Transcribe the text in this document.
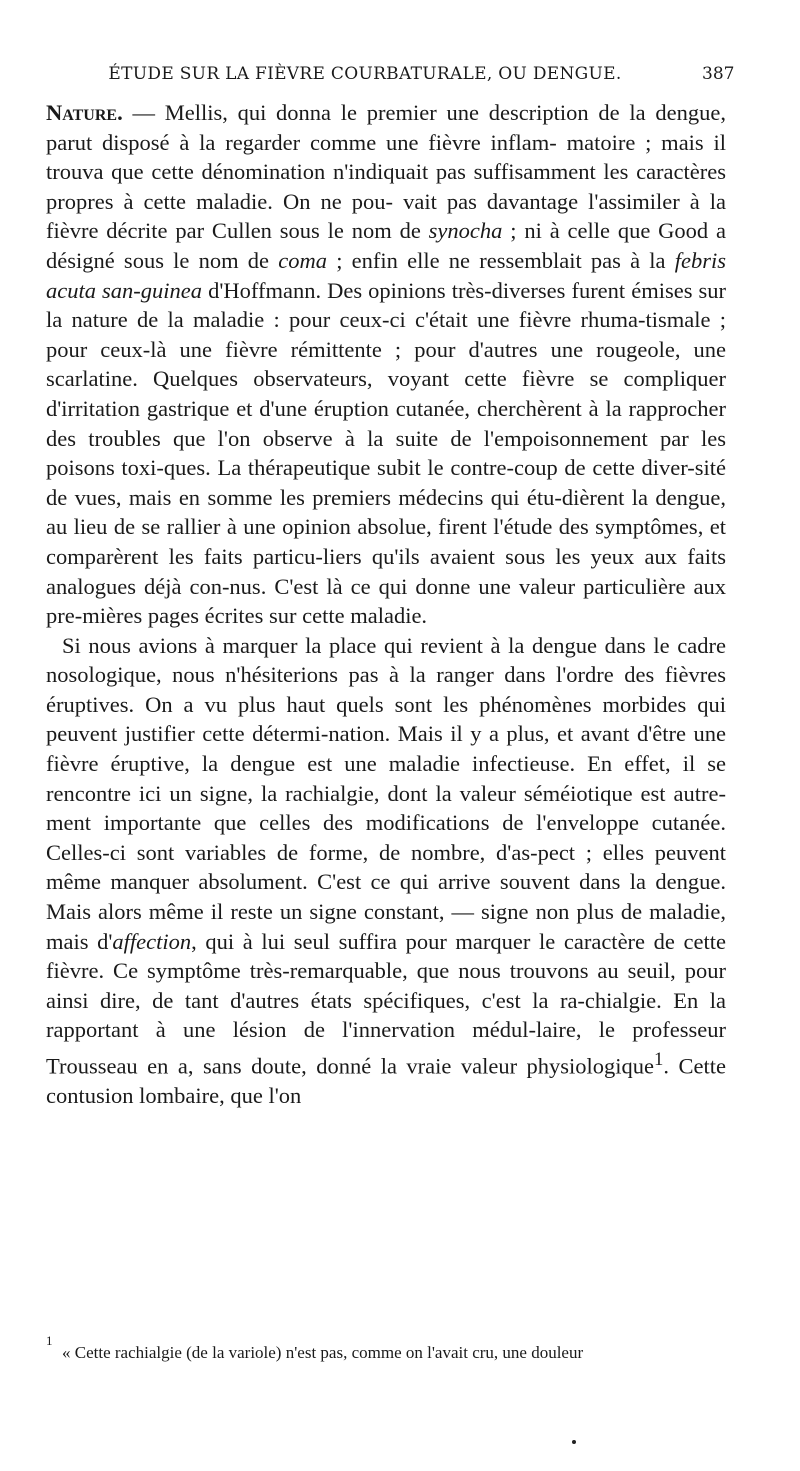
ÉTUDE SUR LA FIÈVRE COURBATURALE, OU DENGUE.	387

Nature. — Mellis, qui donna le premier une description de la dengue, parut disposé à la regarder comme une fièvre inflam- matoire ; mais il trouva que cette dénomination n'indiquait pas suffisamment les caractères propres à cette maladie. On ne pou- vait pas davantage l'assimiler à la fièvre décrite par Cullen sous le nom de synocha ; ni à celle que Good a désigné sous le nom de coma ; enfin elle ne ressemblait pas à la febris acuta san-guinea d'Hoffmann. Des opinions très-diverses furent émises sur la nature de la maladie : pour ceux-ci c'était une fièvre rhuma-tismale ; pour ceux-là une fièvre rémittente ; pour d'autres une rougeole, une scarlatine. Quelques observateurs, voyant cette fièvre se compliquer d'irritation gastrique et d'une éruption cutanée, cherchèrent à la rapprocher des troubles que l'on observe à la suite de l'empoisonnement par les poisons toxi-ques. La thérapeutique subit le contre-coup de cette diver-sité de vues, mais en somme les premiers médecins qui étu-dièrent la dengue, au lieu de se rallier à une opinion absolue, firent l'étude des symptômes, et comparèrent les faits particu-liers qu'ils avaient sous les yeux aux faits analogues déjà con-nus. C'est là ce qui donne une valeur particulière aux pre-mières pages écrites sur cette maladie.

Si nous avions à marquer la place qui revient à la dengue dans le cadre nosologique, nous n'hésiterions pas à la ranger dans l'ordre des fièvres éruptives. On a vu plus haut quels sont les phénomènes morbides qui peuvent justifier cette détermi-nation. Mais il y a plus, et avant d'être une fièvre éruptive, la dengue est une maladie infectieuse. En effet, il se rencontre ici un signe, la rachialgie, dont la valeur séméiotique est autre-ment importante que celles des modifications de l'enveloppe cutanée. Celles-ci sont variables de forme, de nombre, d'as-pect ; elles peuvent même manquer absolument. C'est ce qui arrive souvent dans la dengue. Mais alors même il reste un signe constant, — signe non plus de maladie, mais d'affection, qui à lui seul suffira pour marquer le caractère de cette fièvre. Ce symptôme très-remarquable, que nous trouvons au seuil, pour ainsi dire, de tant d'autres états spécifiques, c'est la ra-chialgie. En la rapportant à une lésion de l'innervation médul-laire, le professeur Trousseau en a, sans doute, donné la vraie valeur physiologique$^1$. Cette contusion lombaire, que l'on

1
« Cette rachialgie (de la variole) n'est pas, comme on l'avait cru, une douleur
